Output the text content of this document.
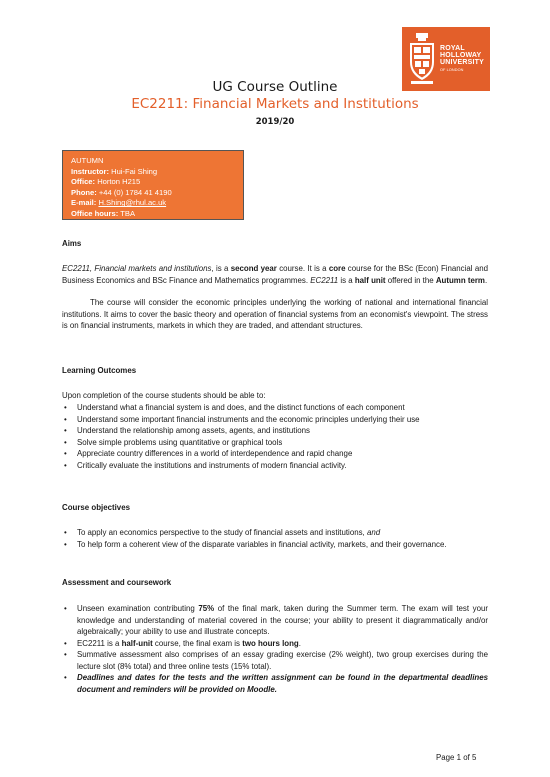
ROYAL
HOLLOWAY
UNIVERSITY
OF LONDON
UG Course Outline
EC2211: Financial Markets and Institutions
2019/20
AUTUMN
Instructor: Hui-Fai Shing
Office: Horton H215
Phone: +44 (0) 1784 41 4190
E-mail: H.Shing@rhul.ac.uk
Office hours: TBA
Aims
EC2211, Financial markets and institutions, is a second year course. It is a core course for the BSc (Econ) Financial and Business Economics and BSc Finance and Mathematics programmes. EC2211 is a half unit offered in the Autumn term.
The course will consider the economic principles underlying the working of national and international financial institutions. It aims to cover the basic theory and operation of financial systems from an economist's viewpoint. The stress is on financial instruments, markets in which they are traded, and attendant structures.
Learning Outcomes
Upon completion of the course students should be able to:
• Understand what a financial system is and does, and the distinct functions of each component
• Understand some important financial instruments and the economic principles underlying their use
• Understand the relationship among assets, agents, and institutions
• Solve simple problems using quantitative or graphical tools
• Appreciate country differences in a world of interdependence and rapid change
• Critically evaluate the institutions and instruments of modern financial activity.
Course objectives
• To apply an economics perspective to the study of financial assets and institutions, and
• To help form a coherent view of the disparate variables in financial activity, markets, and their governance.
Assessment and coursework
• Unseen examination contributing 75% of the final mark, taken during the Summer term. The exam will test your knowledge and understanding of material covered in the course; your ability to present it diagrammatically and/or algebraically; your ability to use and illustrate concepts.
• EC2211 is a half-unit course, the final exam is two hours long.
• Summative assessment also comprises of an essay grading exercise (2% weight), two group exercises during the lecture slot (8% total) and three online tests (15% total).
• Deadlines and dates for the tests and the written assignment can be found in the departmental deadlines document and reminders will be provided on Moodle.
Page 1 of 5
